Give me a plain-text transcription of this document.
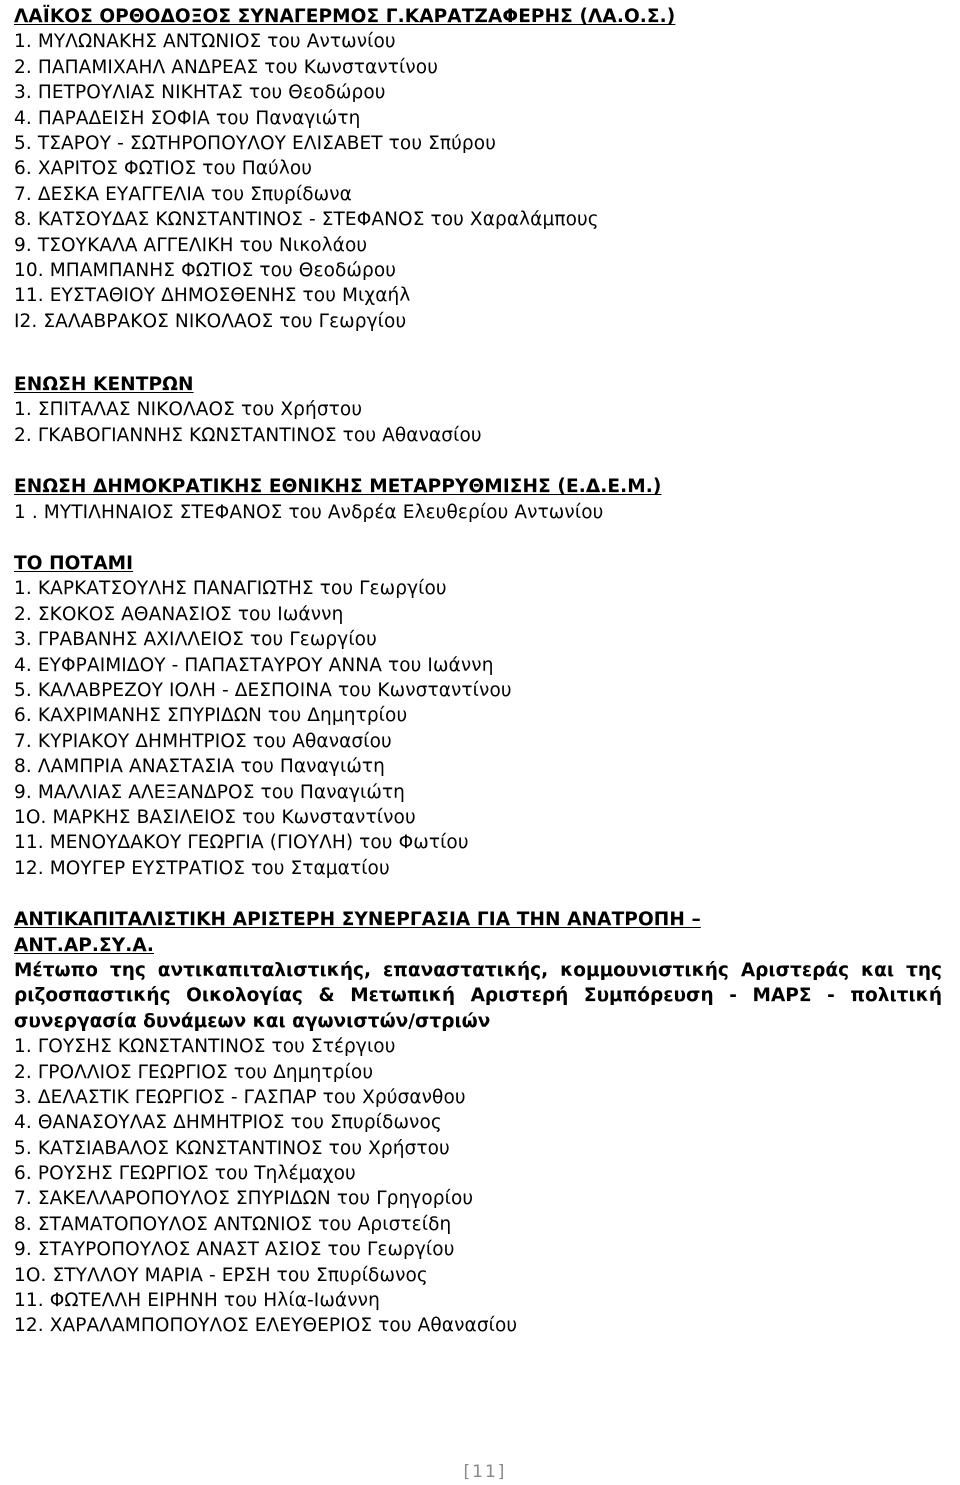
ΛΑΪΚΟΣ ΟΡΘΟΔΟΞΟΣ ΣΥΝΑΓΕΡΜΟΣ Γ.ΚΑΡΑΤΖΑΦΕΡΗΣ (ΛΑ.Ο.Σ.)
1. ΜΥΛΩΝΑΚΗΣ ΑΝΤΩΝΙΟΣ του Αντωνίου
2. ΠΑΠΑΜΙΧΑΗΛ ΑΝΔΡΕΑΣ του Κωνσταντίνου
3. ΠΕΤΡΟΥΛΙΑΣ ΝΙΚΗΤΑΣ του Θεοδώρου
4. ΠΑΡΑΔΕΙΣΗ ΣΟΦΙΑ του Παναγιώτη
5. ΤΣΑΡΟΥ - ΣΩΤΗΡΟΠΟΥΛΟΥ ΕΛΙΣΑΒΕΤ του Σπύρου
6. ΧΑΡΙΤΟΣ ΦΩΤΙΟΣ του Παύλου
7. ΔΕΣΚΑ ΕΥΑΓΓΕΛΙΑ του Σπυρίδωνα
8. ΚΑΤΣΟΥΔΑΣ ΚΩΝΣΤΑΝΤΙΝΟΣ - ΣΤΕΦΑΝΟΣ του Χαραλάμπους
9. ΤΣΟΥΚΑΛΑ ΑΓΓΕΛΙΚΗ του Νικολάου
10. ΜΠΑΜΠΑΝΗΣ ΦΩΤΙΟΣ του Θεοδώρου
11. ΕΥΣΤΑΘΙΟΥ ΔΗΜΟΣΘΕΝΗΣ του Μιχαήλ
Ι2. ΣΑΛΑΒΡΑΚΟΣ ΝΙΚΟΛΑΟΣ του Γεωργίου
ΕΝΩΣΗ ΚΕΝΤΡΩΝ
1. ΣΠΙΤΑΛΑΣ ΝΙΚΟΛΑΟΣ του Χρήστου
2. ΓΚΑΒΟΓΙΑΝΝΗΣ ΚΩΝΣΤΑΝΤΙΝΟΣ του Αθανασίου
ΕΝΩΣΗ ΔΗΜΟΚΡΑΤΙΚΗΣ ΕΘΝΙΚΗΣ ΜΕΤΑΡΡΥΘΜΙΣΗΣ (Ε.Δ.Ε.Μ.)
1 . ΜΥΤΙΛΗΝΑΙΟΣ ΣΤΕΦΑΝΟΣ του Ανδρέα Ελευθερίου Αντωνίου
ΤΟ ΠΟΤΑΜΙ
1. ΚΑΡΚΑΤΣΟΥΛΗΣ ΠΑΝΑΓΙΩΤΗΣ του Γεωργίου
2. ΣΚΟΚΟΣ ΑΘΑΝΑΣΙΟΣ του Ιωάννη
3. ΓΡΑΒΑΝΗΣ ΑΧΙΛΛΕΙΟΣ του Γεωργίου
4. ΕΥΦΡΑΙΜΙΔΟΥ - ΠΑΠΑΣΤΑΥΡΟΥ ΑΝΝΑ του Ιωάννη
5. ΚΑΛΑΒΡΕΖΟΥ ΙΟΛΗ - ΔΕΣΠΟΙΝΑ του Κωνσταντίνου
6. ΚΑΧΡΙΜΑΝΗΣ ΣΠΥΡΙΔΩΝ του Δημητρίου
7. ΚΥΡΙΑΚΟΥ ΔΗΜΗΤΡΙΟΣ του Αθανασίου
8. ΛΑΜΠΡΙΑ ΑΝΑΣΤΑΣΙΑ του Παναγιώτη
9. ΜΑΛΛΙΑΣ ΑΛΕΞΑΝΔΡΟΣ του Παναγιώτη
1Ο. ΜΑΡΚΗΣ ΒΑΣΙΛΕΙΟΣ του Κωνσταντίνου
11. ΜΕΝΟΥΔΑΚΟΥ ΓΕΩΡΓΙΑ (ΓΙΟΥΛΗ) του Φωτίου
12. ΜΟΥΓΕΡ ΕΥΣΤΡΑΤΙΟΣ του Σταματίου
ΑΝΤΙΚΑΠΙΤΑΛΙΣΤΙΚΗ ΑΡΙΣΤΕΡΗ ΣΥΝΕΡΓΑΣΙΑ ΓΙΑ ΤΗΝ ΑΝΑΤΡΟΠΗ –
ΑΝΤ.ΑΡ.ΣΥ.Α.
Μέτωπο της αντικαπιταλιστικής, επαναστατικής, κομμουνιστικής Αριστεράς και της ριζοσπαστικής Οικολογίας & Μετωπική Αριστερή Συμπόρευση - ΜΑΡΣ - πολιτική συνεργασία δυνάμεων και αγωνιστών/στριών
1. ΓΟΥΣΗΣ ΚΩΝΣΤΑΝΤΙΝΟΣ του Στέργιου
2. ΓΡΟΛΛΙΟΣ ΓΕΩΡΓΙΟΣ του Δημητρίου
3. ΔΕΛΑΣΤΙΚ ΓΕΩΡΓΙΟΣ - ΓΑΣΠΑΡ του Χρύσανθου
4. ΘΑΝΑΣΟΥΛΑΣ ΔΗΜΗΤΡΙΟΣ του Σπυρίδωνος
5. ΚΑΤΣΙΑΒΑΛΟΣ ΚΩΝΣΤΑΝΤΙΝΟΣ του Χρήστου
6. ΡΟΥΣΗΣ ΓΕΩΡΓΙΟΣ του Τηλέμαχου
7. ΣΑΚΕΛΛΑΡΟΠΟΥΛΟΣ ΣΠΥΡΙΔΩΝ του Γρηγορίου
8. ΣΤΑΜΑΤΟΠΟΥΛΟΣ ΑΝΤΩΝΙΟΣ του Αριστείδη
9. ΣΤΑΥΡΟΠΟΥΛΟΣ ΑΝΑΣΤ ΑΣΙΟΣ του Γεωργίου
1Ο. ΣΤΥΛΛΟΥ ΜΑΡΙΑ - ΕΡΣΗ του Σπυρίδωνος
11. ΦΩΤΕΛΛΗ ΕΙΡΗΝΗ του Ηλία-Ιωάννη
12. ΧΑΡΑΛΑΜΠΟΠΟΥΛΟΣ ΕΛΕΥΘΕΡΙΟΣ του Αθανασίου
[11]
